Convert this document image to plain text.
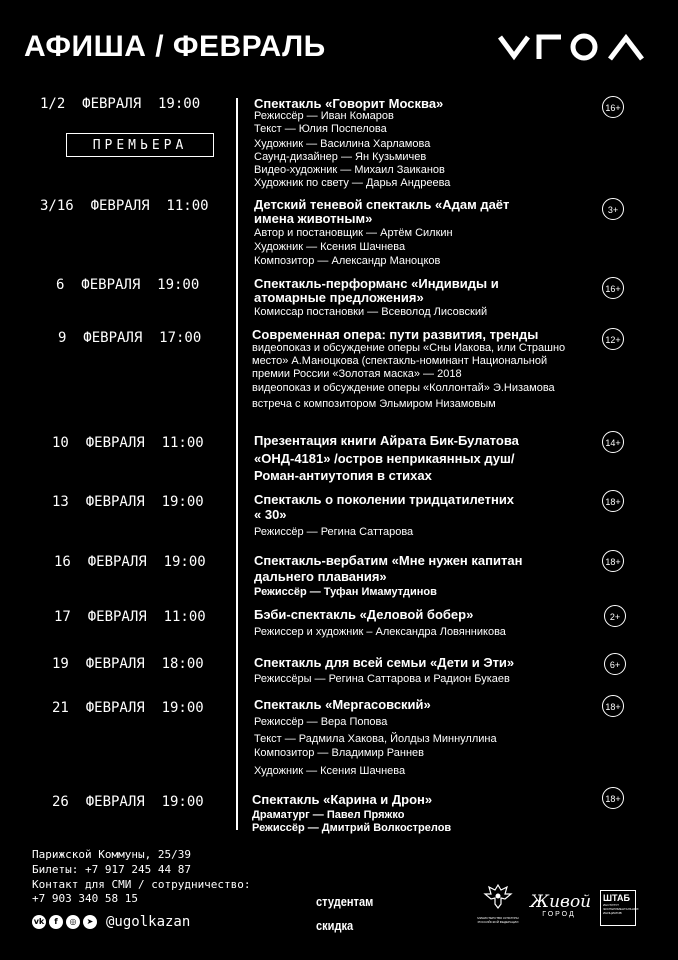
АФИША / ФЕВРАЛЬ
ПРЕМЬЕРА
1/2  ФЕВРАЛЯ  19:00	Спектакль «Говорит Москва»
Режиссёр — Иван Комаров
Текст — Юлия Поспелова
Художник — Василина Харламова
Саунд-дизайнер — Ян Кузьмичев
Видео-художник — Михаил Заиканов
Художник по свету — Дарья Андреева
16+
3/16  ФЕВРАЛЯ  11:00	Детский теневой спектакль «Адам даёт
имена животным»
Автор и постановщик — Артём Силкин
Художник — Ксения Шачнева
Композитор — Александр Маноцков
3+
6  ФЕВРАЛЯ  19:00	Спектакль-перформанс «Индивиды и
атомарные предложения»
Комиссар постановки — Всеволод Лисовский
16+
9  ФЕВРАЛЯ  17:00	Современная опера: пути развития, тренды
видеопоказ и обсуждение оперы «Сны Иакова, или Страшно
место» А.Маноцкова (спектакль-номинант Национальной
премии России «Золотая маска» — 2018
видеопоказ и обсуждение оперы «Коллонтай» Э.Низамова
встреча с композитором Эльмиром Низамовым
12+
10  ФЕВРАЛЯ  11:00	Презентация книги Айрата Бик-Булатова
«ОНД-4181» /остров неприкаянных душ/
Роман-антиутопия в стихах
14+
13  ФЕВРАЛЯ  19:00	Спектакль о поколении тридцатилетних
« 30»
Режиссёр — Регина Саттарова
18+
16  ФЕВРАЛЯ  19:00	Спектакль-вербатим «Мне нужен капитан
дальнего плавания»
Режиссёр — Туфан Имамутдинов
18+
17  ФЕВРАЛЯ  11:00	Бэби-спектакль «Деловой бобер»
Режиссер и художник – Александра Ловянникова
2+
19  ФЕВРАЛЯ  18:00	Спектакль для всей семьи «Дети и Эти»
Режиссёры — Регина Саттарова и Радион Букаев
6+
21  ФЕВРАЛЯ  19:00	Спектакль «Мергасовский»
Режиссёр — Вера Попова
Текст — Радмила Хакова, Йолдыз Миннуллина
Композитор — Владимир Раннев
Художник — Ксения Шачнева
18+
26  ФЕВРАЛЯ  19:00	Спектакль «Карина и Дрон»
Драматург — Павел Пряжко
Режиссёр — Дмитрий Волкострелов
18+
Парижской Коммуны, 25/39
Билеты: +7 917 245 44 87
Контакт для СМИ / сотрудничество:
+7 903 340 58 15
vk	f	◎	➤ @ugolkazan
студентам
скидка	МИНИСТЕРСТВО КУЛЬТУРЫ РОССИЙСКОЙ ФЕДЕРАЦИИ
Живой
ГОРОД
ШТАБ
ИНСТИТУТ ЭКСПЕРИМЕНТАЛЬНЫХ ИНИЦИАТИВ
